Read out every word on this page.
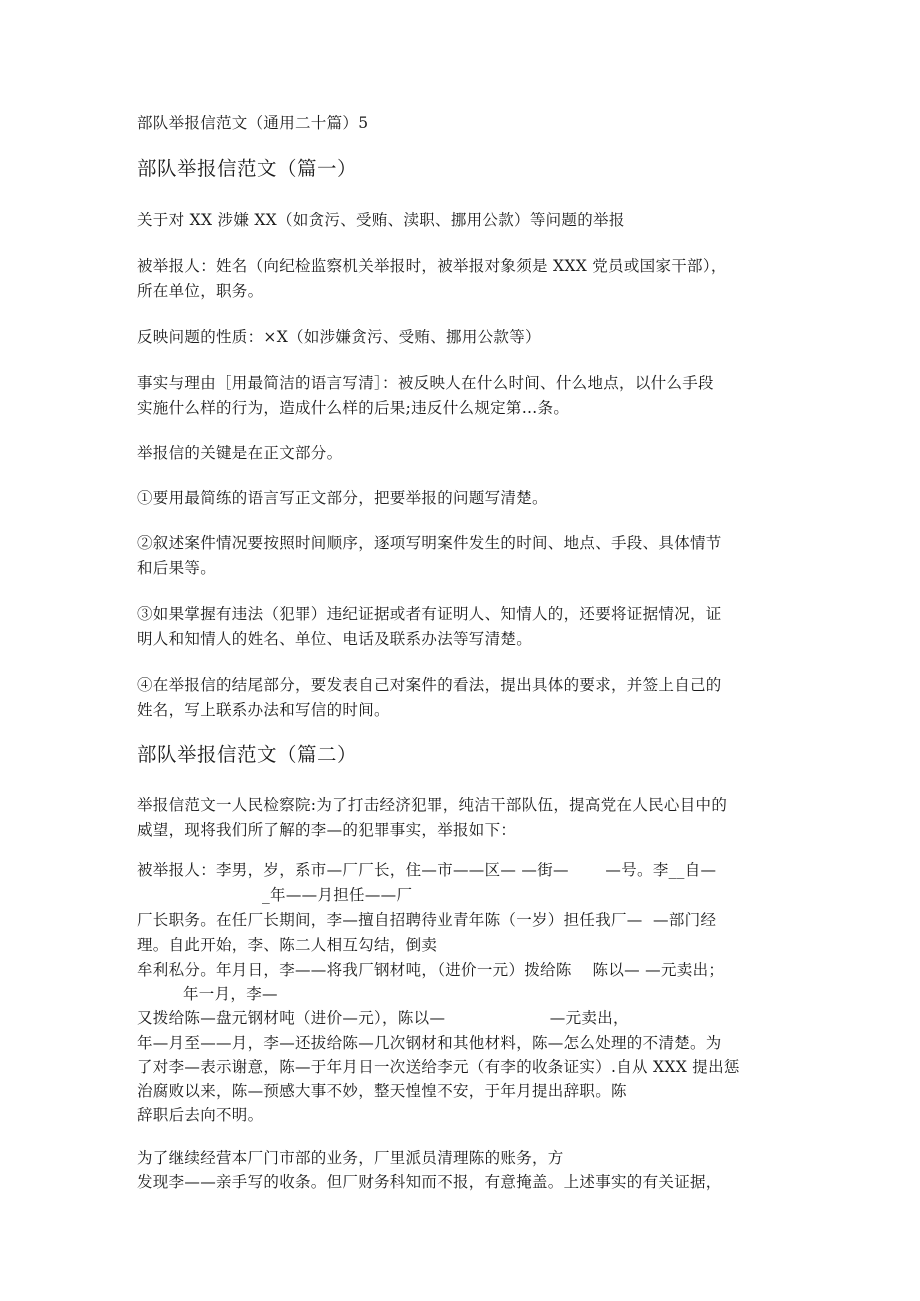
部队举报信范文（通用二十篇）5
部队举报信范文（篇一）
关于对 XX 涉嫌 XX（如贪污、受贿、渎职、挪用公款）等问题的举报
被举报人：姓名（向纪检监察机关举报时，被举报对象须是 XXX 党员或国家干部），
所在单位，职务。
反映问题的性质：×X（如涉嫌贪污、受贿、挪用公款等）
事实与理由［用最简洁的语言写清］：被反映人在什么时间、什么地点，以什么手段
实施什么样的行为，造成什么样的后果;违反什么规定第…条。
举报信的关键是在正文部分。
①要用最简练的语言写正文部分，把要举报的问题写清楚。
②叙述案件情况要按照时间顺序，逐项写明案件发生的时间、地点、手段、具体情节
和后果等。
③如果掌握有违法（犯罪）违纪证据或者有证明人、知情人的，还要将证据情况，证
明人和知情人的姓名、单位、电话及联系办法等写清楚。
④在举报信的结尾部分，要发表自己对案件的看法，提出具体的要求，并签上自己的
姓名，写上联系办法和写信的时间。
部队举报信范文（篇二）
举报信范文一人民检察院:为了打击经济犯罪，纯洁干部队伍，提高党在人民心目中的
威望，现将我们所了解的李—的犯罪事实，举报如下：
被举报人：李男，岁，系市—厂厂长，住—市——区— —街—       —号。李__自—
_年——月担任——厂
厂长职务。在任厂长期间，李—擅自招聘待业青年陈（一岁）担任我厂—  —部门经
理。自此开始，李、陈二人相互勾结，倒卖
牟利私分。年月日，李——将我厂钢材吨，（进价一元）拨给陈    陈以— —元卖出；
年一月，李—
又拨给陈—盘元钢材吨（进价—元），陈以—                    —元卖出，
年—月至——月，李—还拔给陈—几次钢材和其他材料，陈—怎么处理的不清楚。为
了对李—表示谢意，陈—于年月日一次送给李元（有李的收条证实）.自从 XXX 提出惩
治腐败以来，陈—预感大事不妙，整天惶惶不安，于年月提出辞职。陈
辞职后去向不明。
为了继续经营本厂门市部的业务，厂里派员清理陈的账务，方
发现李——亲手写的收条。但厂财务科知而不报，有意掩盖。上述事实的有关证据，
